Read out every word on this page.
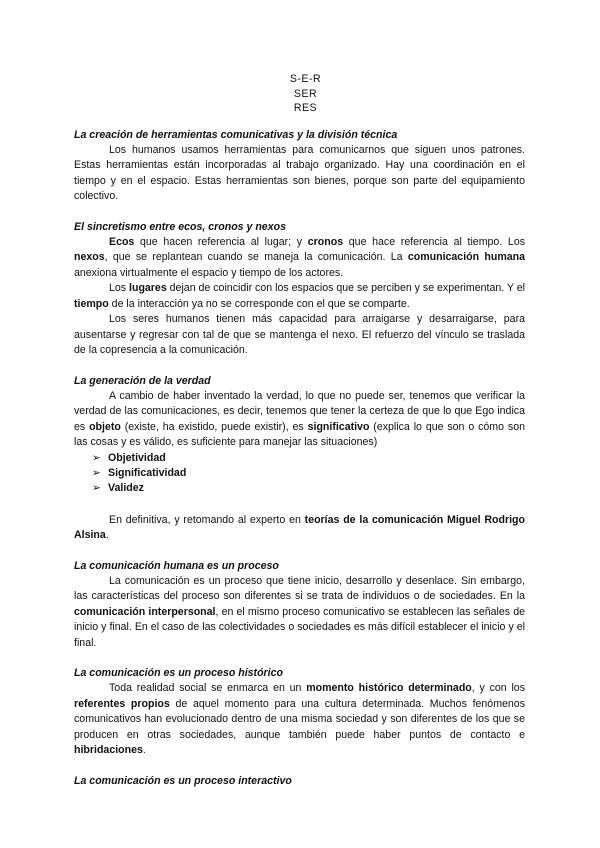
S-E-R
SER
RES
La creación de herramientas comunicativas y la división técnica

Los humanos usamos herramientas para comunicarnos que siguen unos patrones. Estas herramientas están incorporadas al trabajo organizado. Hay una coordinación en el tiempo y en el espacio. Estas herramientas son bienes, porque son parte del equipamiento colectivo.

El sincretismo entre ecos, cronos y nexos

Ecos que hacen referencia al lugar; y cronos que hace referencia al tiempo. Los nexos, que se replantean cuando se maneja la comunicación. La comunicación humana anexiona virtualmente el espacio y tiempo de los actores.

Los lugares dejan de coincidir con los espacios que se perciben y se experimentan. Y el tiempo de la interacción ya no se corresponde con el que se comparte.

Los seres humanos tienen más capacidad para arraigarse y desarraigarse, para ausentarse y regresar con tal de que se mantenga el nexo. El refuerzo del vínculo se traslada de la copresencia a la comunicación.

La generación de la verdad

A cambio de haber inventado la verdad, lo que no puede ser, tenemos que verificar la verdad de las comunicaciones, es decir, tenemos que tener la certeza de que lo que Ego indica es objeto (existe, ha existido, puede existir), es significativo (explica lo que son o cómo son las cosas y es válido, es suficiente para manejar las situaciones)

➢ Objetividad
➢ Significatividad
➢ Validez

En definitiva, y retomando al experto en teorías de la comunicación Miguel Rodrigo Alsina.

La comunicación humana es un proceso

La comunicación es un proceso que tiene inicio, desarrollo y desenlace. Sin embargo, las características del proceso son diferentes si se trata de individuos o de sociedades. En la comunicación interpersonal, en el mismo proceso comunicativo se establecen las señales de inicio y final. En el caso de las colectividades o sociedades es más difícil establecer el inicio y el final.

La comunicación es un proceso histórico

Toda realidad social se enmarca en un momento histórico determinado, y con los referentes propios de aquel momento para una cultura determinada. Muchos fenómenos comunicativos han evolucionado dentro de una misma sociedad y son diferentes de los que se producen en otras sociedades, aunque también puede haber puntos de contacto e hibridaciones.

La comunicación es un proceso interactivo
